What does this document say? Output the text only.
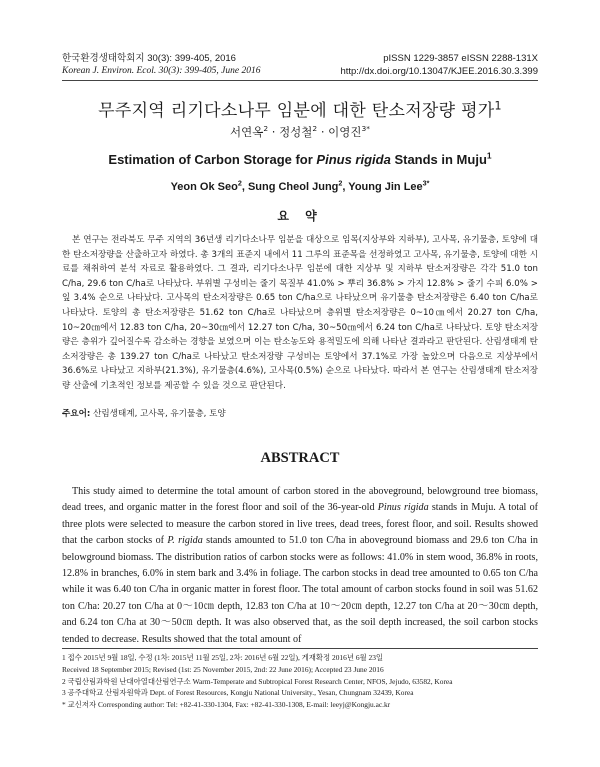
한국환경생태학회지 30(3): 399-405, 2016
Korean J. Environ. Ecol. 30(3): 399-405, June 2016
pISSN 1229-3857 eISSN 2288-131X
http://dx.doi.org/10.13047/KJEE.2016.30.3.399
무주지역 리기다소나무 임분에 대한 탄소저장량 평가$^1$
서연옥$^2$ · 정성철$^2$ · 이영진$^{3*}$
Estimation of Carbon Storage for Pinus rigida Stands in Muju$^1$
Yeon Ok Seo$^2$, Sung Cheol Jung$^2$, Young Jin Lee$^{3*}$
요 약
본 연구는 전라북도 무주 지역의 36년생 리기다소나무 임분을 대상으로 임목(지상부와 지하부), 고사목, 유기물층, 토양에 대한 탄소저장량을 산출하고자 하였다. 총 3개의 표준지 내에서 11 그루의 표준목을 선정하였고 고사목, 유기물층, 토양에 대한 시료를 채취하여 분석 자료로 활용하였다. 그 결과, 리기다소나무 임분에 대한 지상부 및 지하부 탄소저장량은 각각 51.0 ton C/ha, 29.6 ton C/ha로 나타났다. 부위별 구성비는 줄기 목질부 41.0% > 뿌리 36.8% > 가지 12.8% > 줄기 수피 6.0% > 잎 3.4% 순으로 나타났다. 고사목의 탄소저장량은 0.65 ton C/ha으로 나타났으며 유기물층 탄소저장량은 6.40 ton C/ha로 나타났다. 토양의 총 탄소저장량은 51.62 ton C/ha로 나타났으며 층위별 탄소저장량은 0~10㎝에서 20.27 ton C/ha, 10~20㎝에서 12.83 ton C/ha, 20~30㎝에서 12.27 ton C/ha, 30~50㎝에서 6.24 ton C/ha로 나타났다. 토양 탄소저장량은 층위가 깊어질수록 감소하는 경향을 보였으며 이는 탄소농도와 용적밀도에 의해 나타난 결과라고 판단된다. 산림생태계 탄소저장량은 총 139.27 ton C/ha로 나타났고 탄소저장량 구성비는 토양에서 37.1%로 가장 높았으며 다음으로 지상부에서 36.6%로 나타났고 지하부(21.3%), 유기물층(4.6%), 고사목(0.5%) 순으로 나타났다. 따라서 본 연구는 산림생태계 탄소저장량 산출에 기초적인 정보를 제공할 수 있을 것으로 판단된다.
주요어: 산림생태계, 고사목, 유기물층, 토양
ABSTRACT
This study aimed to determine the total amount of carbon stored in the aboveground, belowground tree biomass, dead trees, and organic matter in the forest floor and soil of the 36-year-old Pinus rigida stands in Muju. A total of three plots were selected to measure the carbon stored in live trees, dead trees, forest floor, and soil. Results showed that the carbon stocks of P. rigida stands amounted to 51.0 ton C/ha in aboveground biomass and 29.6 ton C/ha in belowground biomass. The distribution ratios of carbon stocks were as follows: 41.0% in stem wood, 36.8% in roots, 12.8% in branches, 6.0% in stem bark and 3.4% in foliage. The carbon stocks in dead tree amounted to 0.65 ton C/ha while it was 6.40 ton C/ha in organic matter in forest floor. The total amount of carbon stocks found in soil was 51.62 ton C/ha: 20.27 ton C/ha at 0～10㎝ depth, 12.83 ton C/ha at 10～20㎝ depth, 12.27 ton C/ha at 20～30㎝ depth, and 6.24 ton C/ha at 30～50㎝ depth. It was also observed that, as the soil depth increased, the soil carbon stocks tended to decrease. Results showed that the total amount of
1 접수 2015년 9월 18일, 수정 (1차: 2015년 11월 25일, 2차: 2016년 6월 22일), 게재확정 2016년 6월 23일
Received 18 September 2015; Revised (1st: 25 November 2015, 2nd: 22 June 2016); Accepted 23 June 2016
2 국립산림과학원 난대아열대산림연구소 Warm-Temperate and Subtropical Forest Research Center, NFOS, Jejudo, 63582, Korea
3 공주대학교 산림자원학과 Dept. of Forest Resources, Kongju National University., Yesan, Chungnam 32439, Korea
* 교신저자 Corresponding author: Tel: +82-41-330-1304, Fax: +82-41-330-1308, E-mail: leeyj@Kongju.ac.kr
